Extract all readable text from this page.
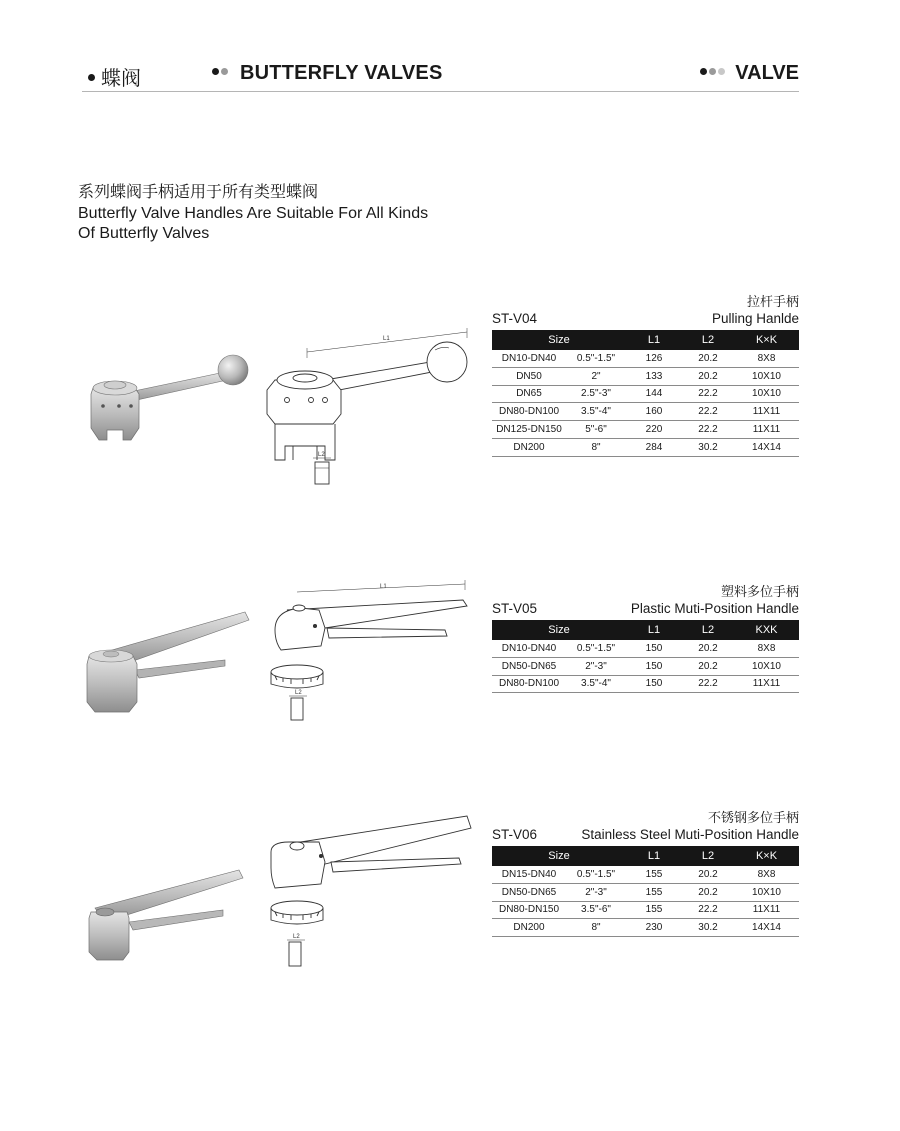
蝶阀	BUTTERFLY VALVES	VALVE
系列蝶阀手柄适用于所有类型蝶阀
Butterfly Valve Handles Are Suitable For All Kinds
Of Butterfly Valves
L1
L2
拉杆手柄
ST-V04	Pulling Hanlde
Size		L1	L2	K×K
DN10-DN40	0.5"-1.5"	126	20.2	8X8
DN50	2"	133	20.2	10X10
DN65	2.5"-3"	144	22.2	10X10
DN80-DN100	3.5"-4"	160	22.2	11X11
DN125-DN150	5"-6"	220	22.2	11X11
DN200	8"	284	30.2	14X14
L1
L2
塑料多位手柄
ST-V05	Plastic Muti-Position Handle
Size		L1	L2	KXK
DN10-DN40	0.5"-1.5"	150	20.2	8X8
DN50-DN65	2"-3"	150	20.2	10X10
DN80-DN100	3.5"-4"	150	22.2	11X11
L2
不锈钢多位手柄
ST-V06	Stainless Steel Muti-Position Handle
Size		L1	L2	K×K
DN15-DN40	0.5"-1.5"	155	20.2	8X8
DN50-DN65	2"-3"	155	20.2	10X10
DN80-DN150	3.5"-6"	155	22.2	11X11
DN200	8"	230	30.2	14X14
